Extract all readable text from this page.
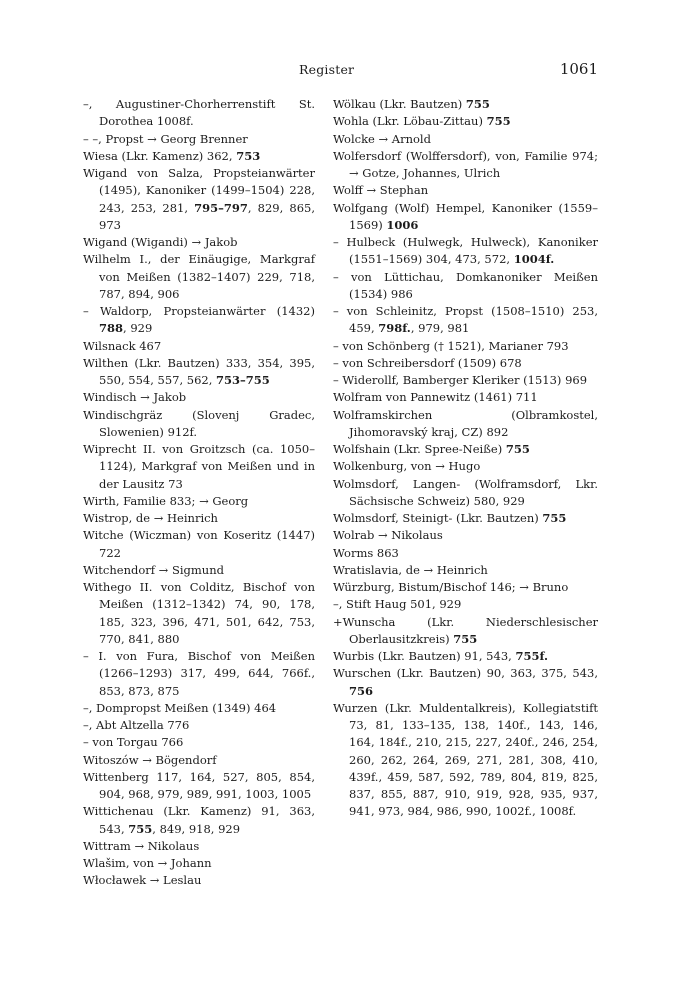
Register	1061
–, Augustiner-Chorherrenstift St. Dorothea 1008f.
– –, Propst → Georg Brenner
Wiesa (Lkr. Kamenz) 362, 753
Wigand von Salza, Propsteianwärter (1495), Kanoniker (1499–1504) 228, 243, 253, 281, 795–797, 829, 865, 973
Wigand (Wigandi) → Jakob
Wilhelm I., der Einäugige, Markgraf von Meißen (1382–1407) 229, 718, 787, 894, 906
– Waldorp, Propsteianwärter (1432) 788, 929
Wilsnack 467
Wilthen (Lkr. Bautzen) 333, 354, 395, 550, 554, 557, 562, 753–755
Windisch → Jakob
Windischgräz (Slovenj Gradec, Slowenien) 912f.
Wiprecht II. von Groitzsch (ca. 1050–1124), Markgraf von Meißen und in der Lausitz 73
Wirth, Familie 833; → Georg
Wistrop, de → Heinrich
Witche (Wiczman) von Koseritz (1447) 722
Witchendorf → Sigmund
Withego II. von Colditz, Bischof von Meißen (1312–1342) 74, 90, 178, 185, 323, 396, 471, 501, 642, 753, 770, 841, 880
– I. von Fura, Bischof von Meißen (1266–1293) 317, 499, 644, 766f., 853, 873, 875
–, Dompropst Meißen (1349) 464
–, Abt Altzella 776
– von Torgau 766
Witoszów → Bögendorf
Wittenberg 117, 164, 527, 805, 854, 904, 968, 979, 989, 991, 1003, 1005
Wittichenau (Lkr. Kamenz) 91, 363, 543, 755, 849, 918, 929
Wittram → Nikolaus
Wlašim, von → Johann
Włocławek → Leslau
Wölkau (Lkr. Bautzen) 755
Wohla (Lkr. Löbau-Zittau) 755
Wolcke → Arnold
Wolfersdorf (Wolffersdorf), von, Familie 974; → Gotze, Johannes, Ulrich
Wolff → Stephan
Wolfgang (Wolf) Hempel, Kanoniker (1559–1569) 1006
– Hulbeck (Hulwegk, Hulweck), Kanoniker (1551–1569) 304, 473, 572, 1004f.
– von Lüttichau, Domkanoniker Meißen (1534) 986
– von Schleinitz, Propst (1508–1510) 253, 459, 798f., 979, 981
– von Schönberg († 1521), Marianer 793
– von Schreibersdorf (1509) 678
– Widerollf, Bamberger Kleriker (1513) 969
Wolfram von Pannewitz (1461) 711
Wolframskirchen (Olbramkostel, Jihomoravský kraj, CZ) 892
Wolfshain (Lkr. Spree-Neiße) 755
Wolkenburg, von → Hugo
Wolmsdorf, Langen- (Wolframsdorf, Lkr. Sächsische Schweiz) 580, 929
Wolmsdorf, Steinigt- (Lkr. Bautzen) 755
Wolrab → Nikolaus
Worms 863
Wratislavia, de → Heinrich
Würzburg, Bistum/Bischof 146; → Bruno
–, Stift Haug 501, 929
+Wunscha (Lkr. Niederschlesischer Oberlausitzkreis) 755
Wurbis (Lkr. Bautzen) 91, 543, 755f.
Wurschen (Lkr. Bautzen) 90, 363, 375, 543, 756
Wurzen (Lkr. Muldentalkreis), Kollegiatstift 73, 81, 133–135, 138, 140f., 143, 146, 164, 184f., 210, 215, 227, 240f., 246, 254, 260, 262, 264, 269, 271, 281, 308, 410, 439f., 459, 587, 592, 789, 804, 819, 825, 837, 855, 887, 910, 919, 928, 935, 937, 941, 973, 984, 986, 990, 1002f., 1008f.
